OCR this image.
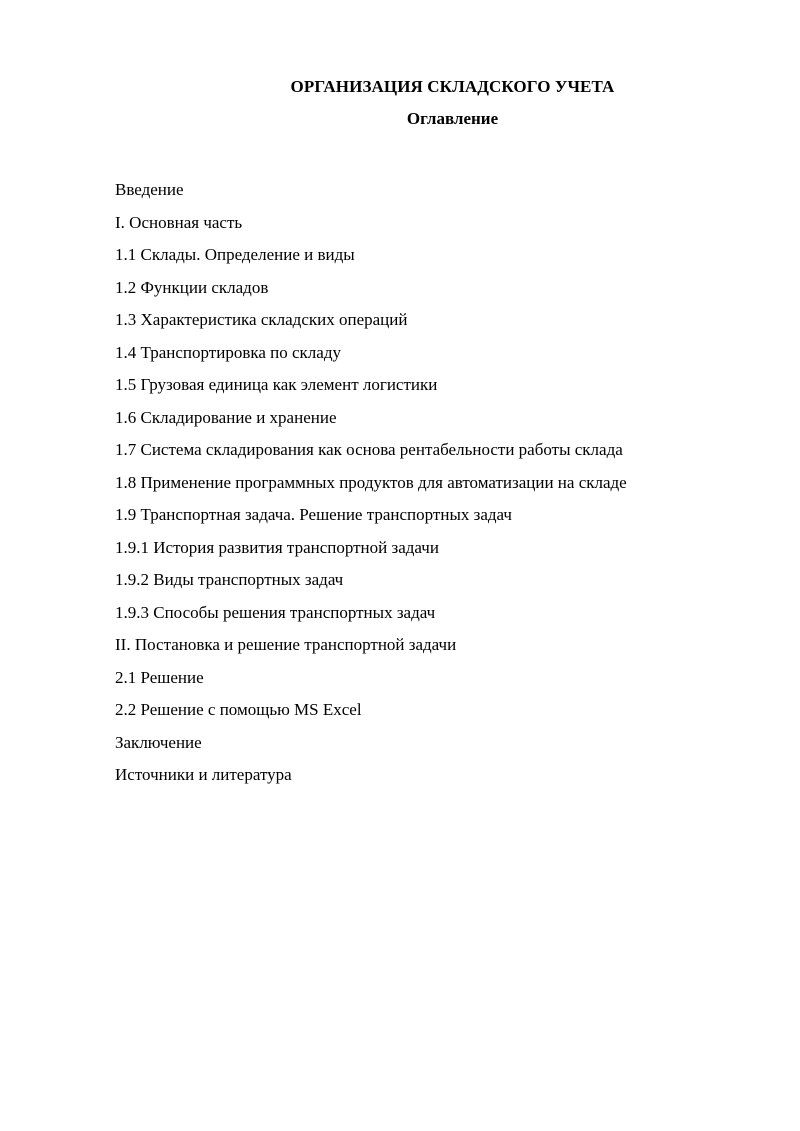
ОРГАНИЗАЦИЯ СКЛАДСКОГО УЧЕТА
Оглавление
Введение
I. Основная часть
1.1 Склады. Определение и виды
1.2 Функции складов
1.3 Характеристика складских операций
1.4 Транспортировка по складу
1.5 Грузовая единица как элемент логистики
1.6 Складирование и хранение
1.7 Система складирования как основа рентабельности работы склада
1.8 Применение программных продуктов для автоматизации на складе
1.9 Транспортная задача. Решение транспортных задач
1.9.1 История развития транспортной задачи
1.9.2 Виды транспортных задач
1.9.3 Способы решения транспортных задач
II. Постановка и решение транспортной задачи
2.1 Решение
2.2 Решение с помощью MS Excel
Заключение
Источники и литература
